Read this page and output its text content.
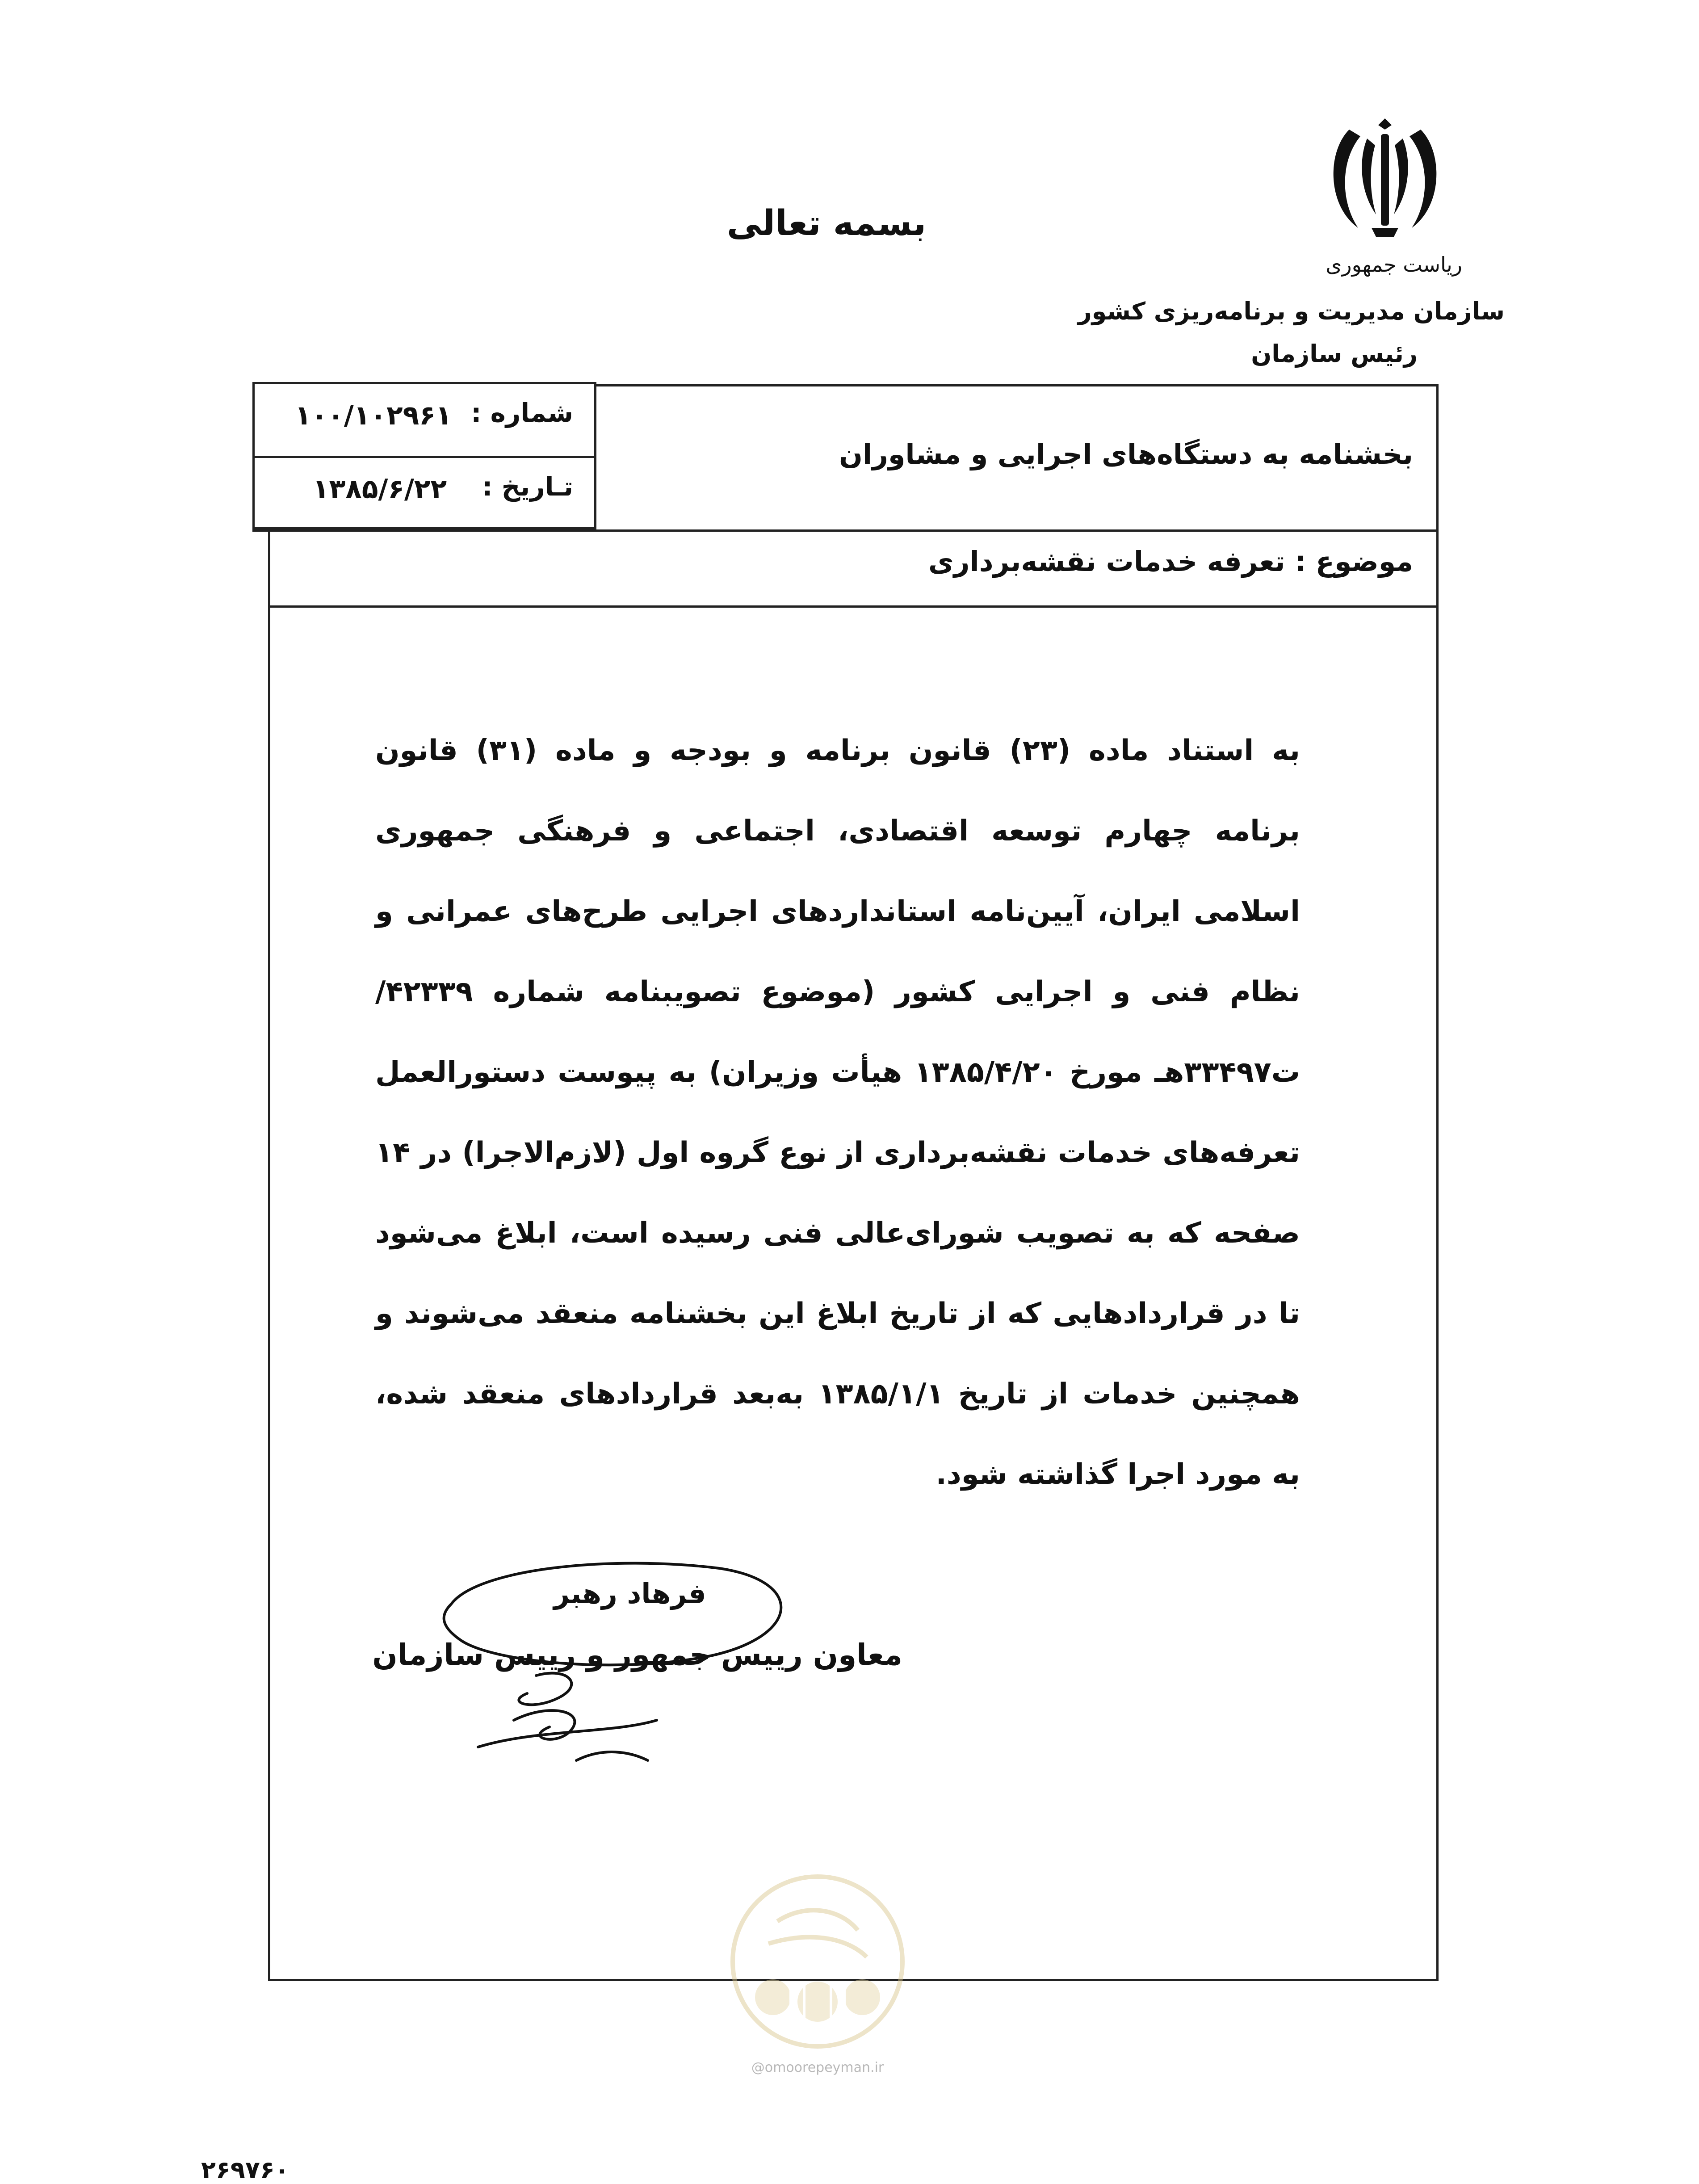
بسمه تعالی
ریاست جمهوری
سازمان مدیریت و برنامه‌ریزی کشور
رئیس سازمان
شماره :
۱۰۰/۱۰۲۹۶۱
تـاریخ :
۱۳۸۵/۶/۲۲
بخشنامه به دستگاه‌های اجرایی و مشاوران
موضوع : تعرفه خدمات نقشه‌برداری
به استناد ماده (۲۳) قانون برنامه و بودجه و ماده (۳۱) قانون برنامه چهارم توسعه اقتصادی، اجتماعی و فرهنگی جمهوری اسلامی ایران، آیین‌نامه استانداردهای اجرایی طرح‌های عمرانی و نظام فنی و اجرایی کشور (موضوع تصویبنامه شماره ۴۲۳۳۹/ت۳۳۴۹۷هـ مورخ ۱۳۸۵/۴/۲۰ هیأت وزیران) به پیوست دستورالعمل تعرفه‌های خدمات نقشه‌برداری از نوع گروه اول (لازم‌الاجرا) در ۱۴ صفحه که به تصویب شورای‌عالی فنی رسیده است، ابلاغ می‌شود تا در قراردادهایی که از تاریخ ابلاغ این بخشنامه منعقد می‌شوند و همچنین خدمات از تاریخ ۱۳۸۵/۱/۱ به‌بعد قراردادهای منعقد شده، به مورد اجرا گذاشته شود.
فرهاد رهبر
معاون رییس جمهور و رییس سازمان
@omoorepeyman.ir
۲۶۹۷۶۰
